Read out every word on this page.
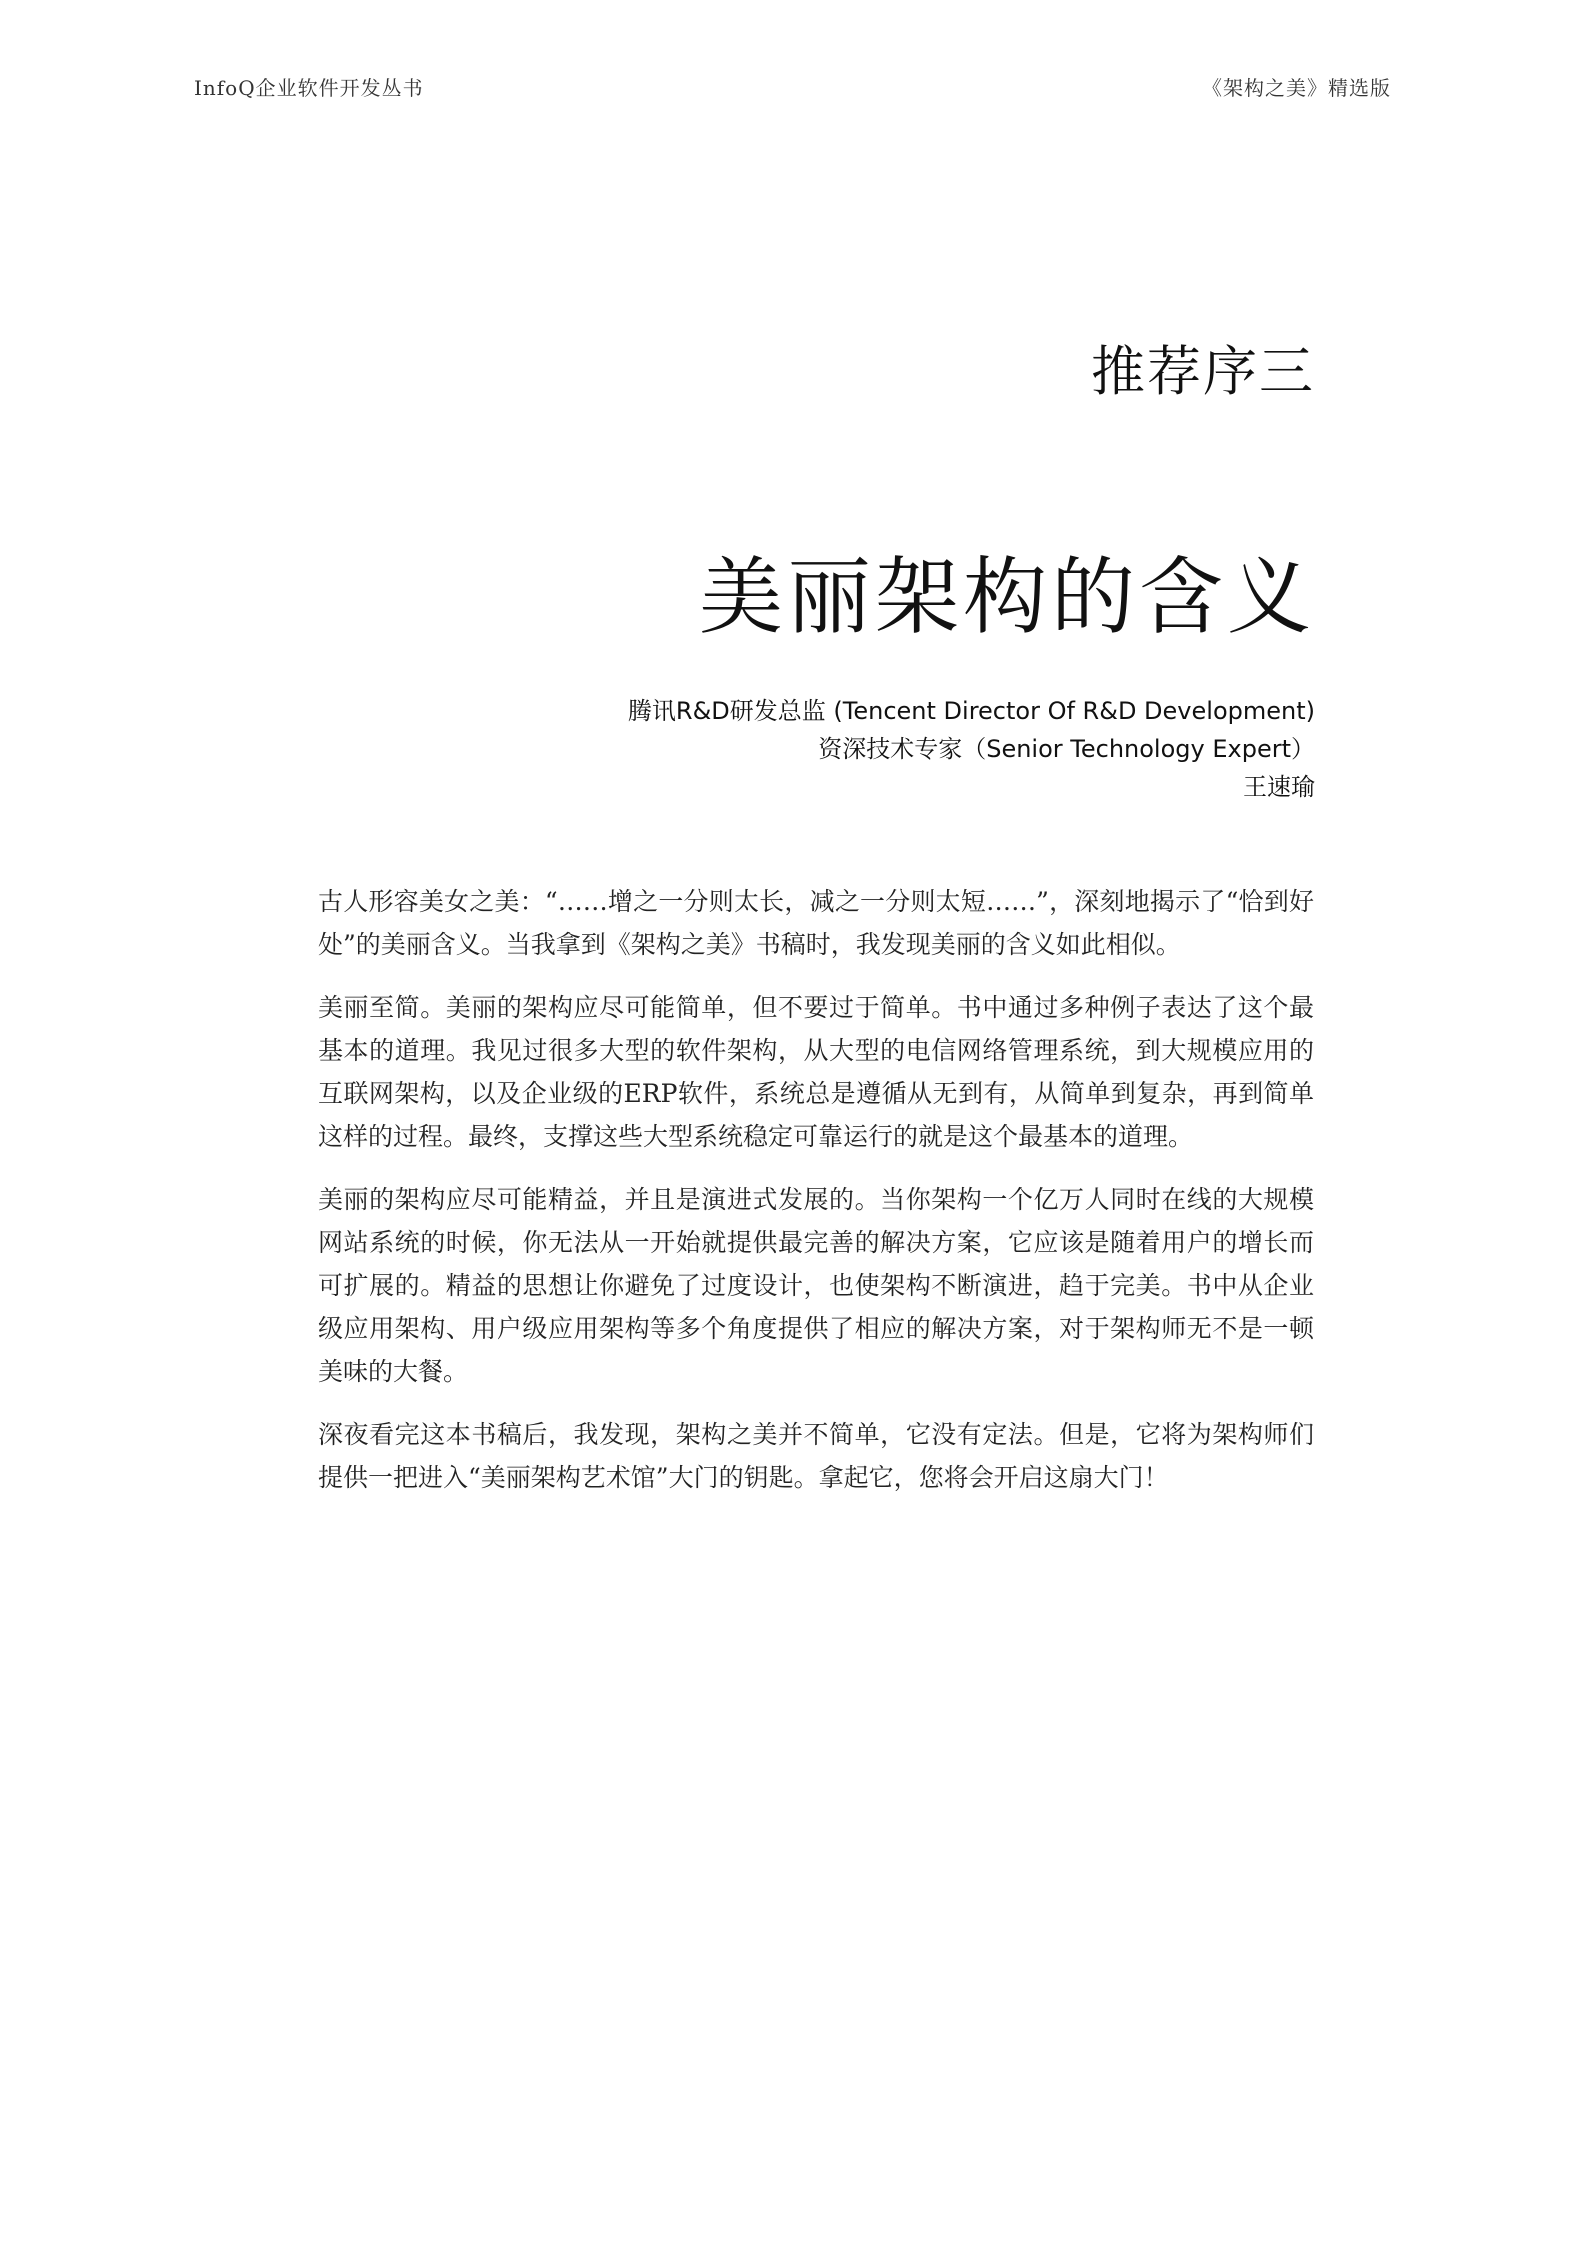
InfoQ企业软件开发丛书	《架构之美》精选版
推荐序三
美丽架构的含义
腾讯R&D研发总监 (Tencent Director Of R&D Development)
资深技术专家（Senior Technology Expert）
王速瑜

古人形容美女之美：“……增之一分则太长，减之一分则太短……”，深刻地揭示了“恰到好处”的美丽含义。当我拿到《架构之美》书稿时，我发现美丽的含义如此相似。

美丽至简。美丽的架构应尽可能简单，但不要过于简单。书中通过多种例子表达了这个最基本的道理。我见过很多大型的软件架构，从大型的电信网络管理系统，到大规模应用的互联网架构，以及企业级的ERP软件，系统总是遵循从无到有，从简单到复杂，再到简单这样的过程。最终，支撑这些大型系统稳定可靠运行的就是这个最基本的道理。

美丽的架构应尽可能精益，并且是演进式发展的。当你架构一个亿万人同时在线的大规模网站系统的时候，你无法从一开始就提供最完善的解决方案，它应该是随着用户的增长而可扩展的。精益的思想让你避免了过度设计，也使架构不断演进，趋于完美。书中从企业级应用架构、用户级应用架构等多个角度提供了相应的解决方案，对于架构师无不是一顿美味的大餐。

深夜看完这本书稿后，我发现，架构之美并不简单，它没有定法。但是，它将为架构师们提供一把进入“美丽架构艺术馆”大门的钥匙。拿起它，您将会开启这扇大门！
